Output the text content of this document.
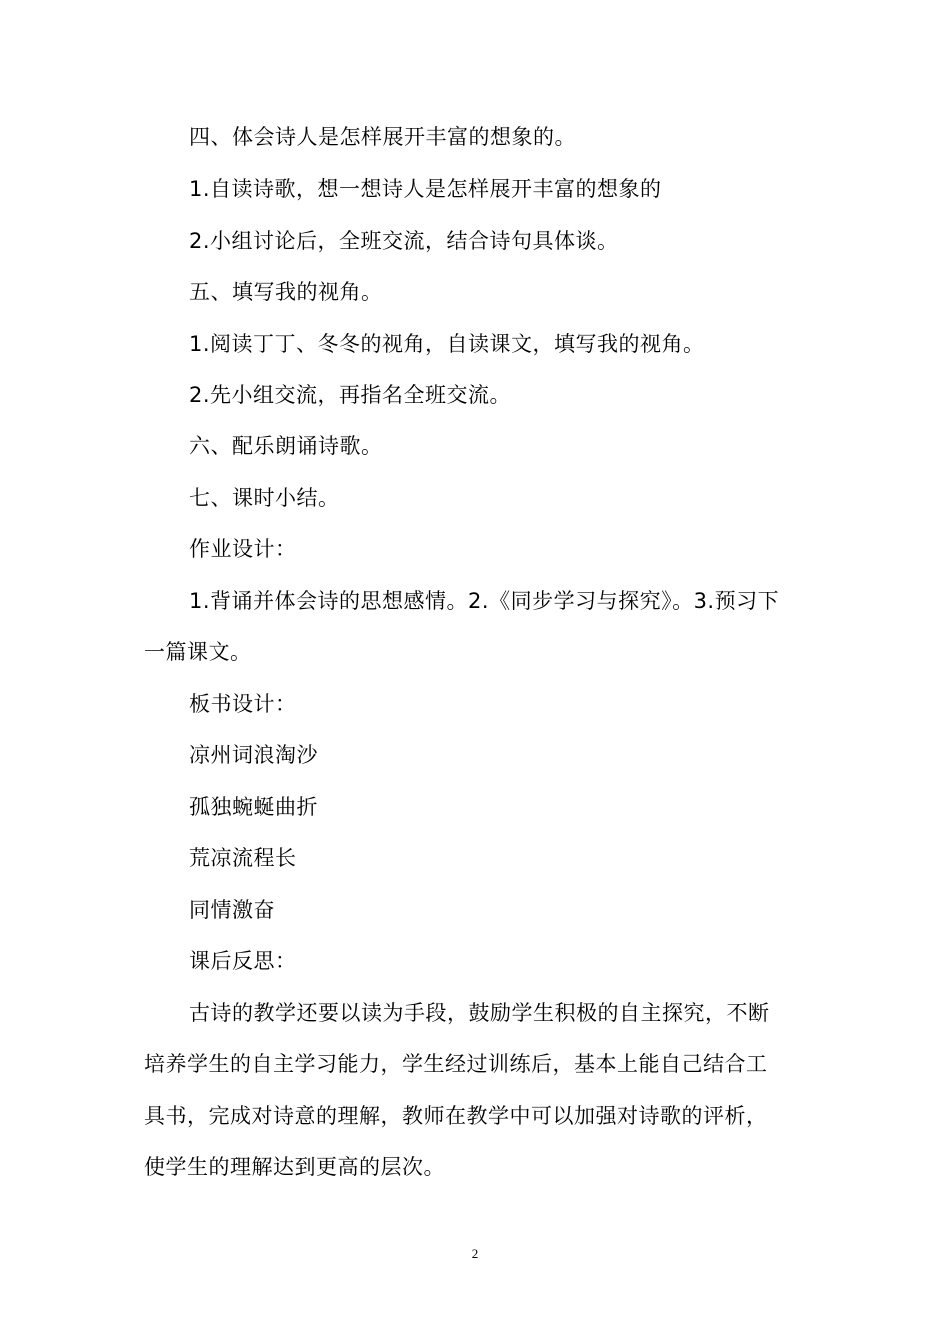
四、体会诗人是怎样展开丰富的想象的。
1.自读诗歌，想一想诗人是怎样展开丰富的想象的
2.小组讨论后，全班交流，结合诗句具体谈。
五、填写我的视角。
1.阅读丁丁、冬冬的视角，自读课文，填写我的视角。
2.先小组交流，再指名全班交流。
六、配乐朗诵诗歌。
七、课时小结。
作业设计：
1.背诵并体会诗的思想感情。2.《同步学习与探究》。3.预习下
一篇课文。
板书设计：
凉州词浪淘沙
孤独蜿蜒曲折
荒凉流程长
同情激奋
课后反思：
古诗的教学还要以读为手段，鼓励学生积极的自主探究，不断
培养学生的自主学习能力，学生经过训练后，基本上能自己结合工
具书，完成对诗意的理解，教师在教学中可以加强对诗歌的评析，
使学生的理解达到更高的层次。
2
